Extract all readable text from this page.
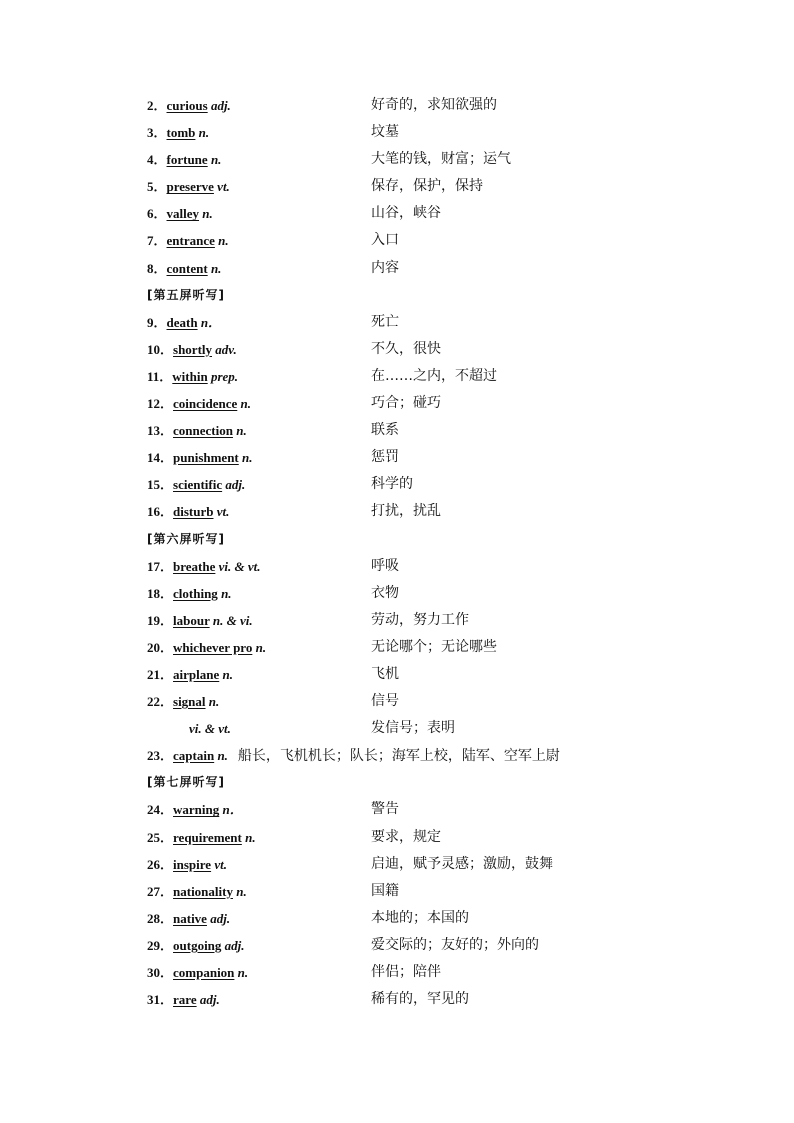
2．curious adj.	好奇的，求知欲强的
3．tomb n.	坟墓
4．fortune n.	大笔的钱，财富；运气
5．preserve vt.	保存，保护，保持
6．valley n.	山谷，峡谷
7．entrance n.	入口
8．content n.	内容
[第五屏听写]
9．death n．	死亡
10．shortly adv.	不久，很快
11．within prep.	在……之内，不超过
12．coincidence n.	巧合；碰巧
13．connection n.	联系
14．punishment n.	惩罚
15．scientific adj.	科学的
16．disturb vt.	打扰，扰乱
[第六屏听写]
17．breathe vi. & vt.	呼吸
18．clothing n.	衣物
19．labour n. & vi.	劳动，努力工作
20．whichever pro n.	无论哪个；无论哪些
21．airplane n.	飞机
22．signal n.	信号
vi. & vt.	发信号；表明
23．captain n. 船长，飞机机长；队长；海军上校，陆军、空军上尉
[第七屏听写]
24．warning n．	警告
25．requirement n.	要求，规定
26．inspire vt.	启迪，赋予灵感；激励，鼓舞
27．nationality n.	国籍
28．native adj.	本地的；本国的
29．outgoing adj.	爱交际的；友好的；外向的
30．companion n.	伴侣；陪伴
31．rare adj.	稀有的，罕见的
